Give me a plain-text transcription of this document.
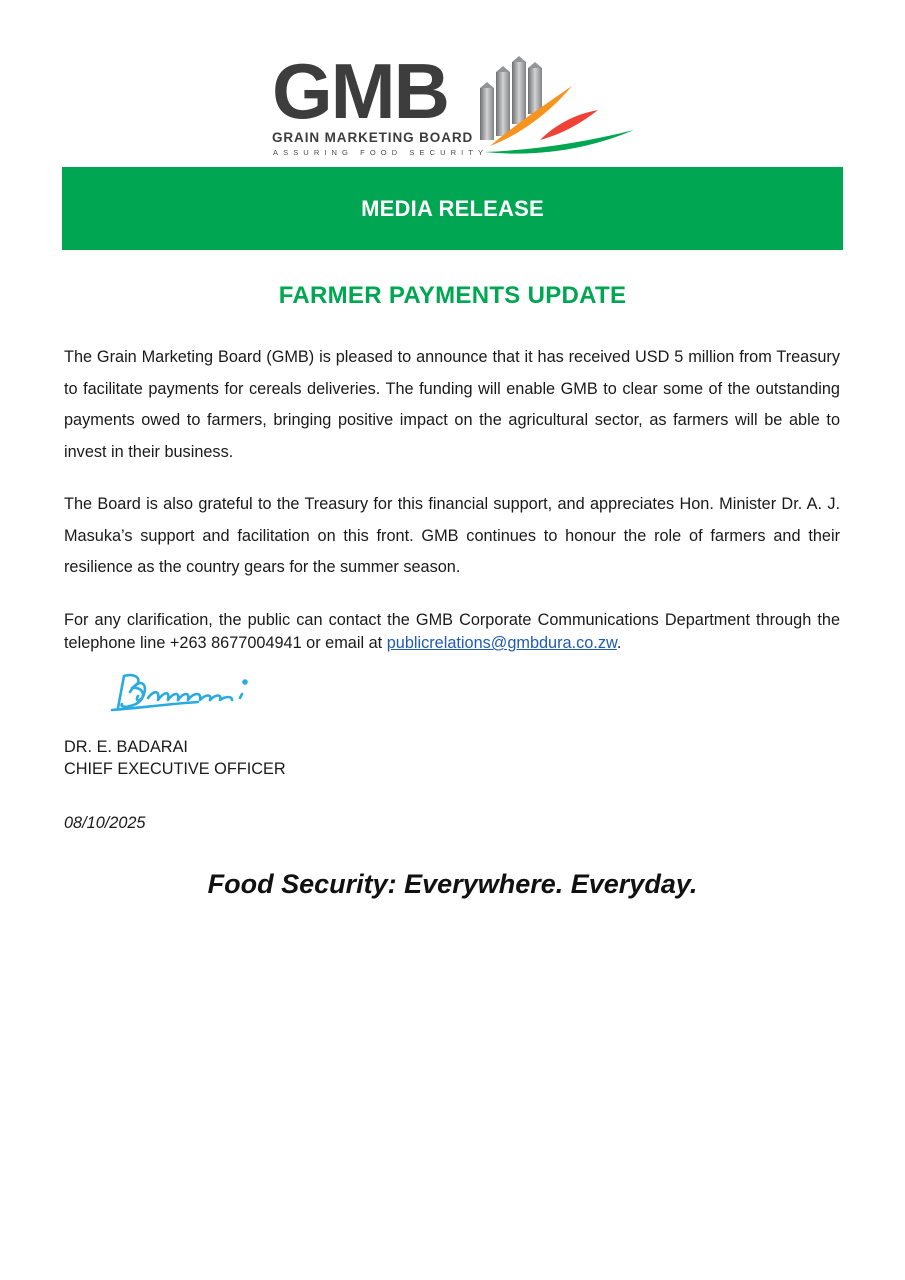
GMB
GRAIN MARKETING BOARD
ASSURING FOOD SECURITY
MEDIA RELEASE
FARMER PAYMENTS UPDATE

The Grain Marketing Board (GMB) is pleased to announce that it has received USD 5 million from Treasury to facilitate payments for cereals deliveries. The funding will enable GMB to clear some of the outstanding payments owed to farmers, bringing positive impact on the agricultural sector, as farmers will be able to invest in their business.

The Board is also grateful to the Treasury for this financial support, and appreciates Hon. Minister Dr. A. J. Masuka’s support and facilitation on this front. GMB continues to honour the role of farmers and their resilience as the country gears for the summer season.

For any clarification, the public can contact the GMB Corporate Communications Department through the telephone line +263 8677004941 or email at publicrelations@gmbdura.co.zw.

DR. E. BADARAI
CHIEF EXECUTIVE OFFICER
08/10/2025
Food Security: Everywhere. Everyday.
